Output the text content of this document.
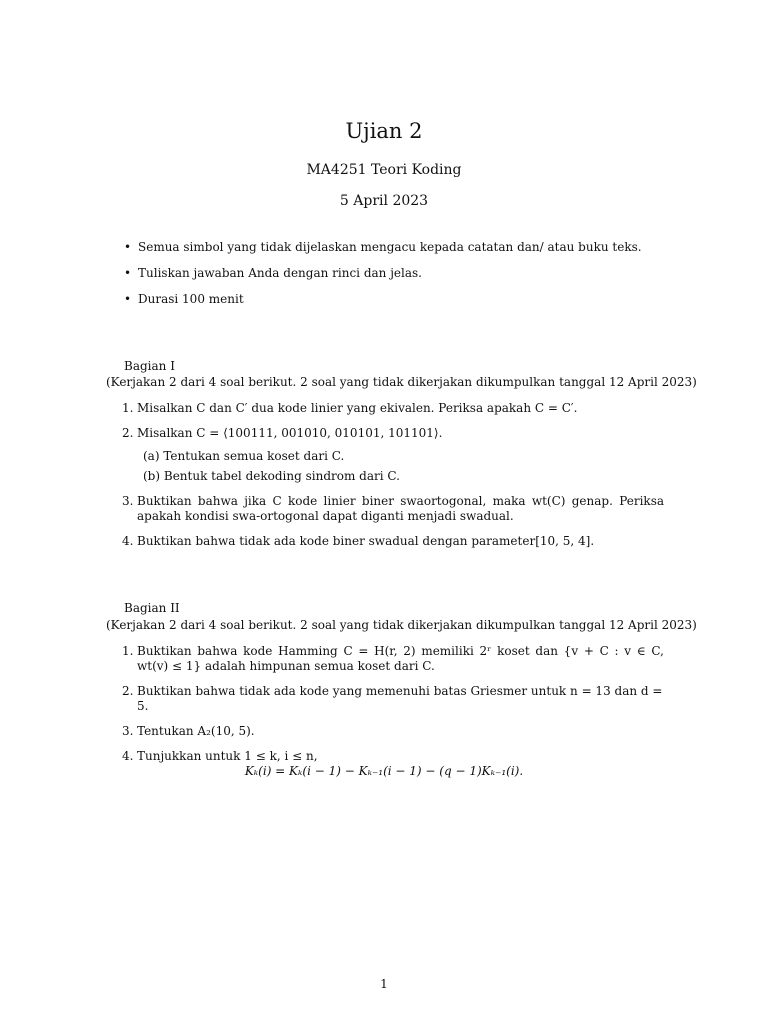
Ujian 2
MA4251 Teori Koding
5 April 2023
• Semua simbol yang tidak dijelaskan mengacu kepada catatan dan/ atau buku teks.
• Tuliskan jawaban Anda dengan rinci dan jelas.
• Durasi 100 menit
Bagian I
(Kerjakan 2 dari 4 soal berikut. 2 soal yang tidak dikerjakan dikumpulkan tanggal 12 April 2023)
1. Misalkan C dan C′ dua kode linier yang ekivalen. Periksa apakah C = C′.
2. Misalkan C = ⟨100111, 001010, 010101, 101101⟩.
(a) Tentukan semua koset dari C.
(b) Bentuk tabel dekoding sindrom dari C.
3. Buktikan bahwa jika C kode linier biner swaortogonal, maka wt(C) genap. Periksa apakah kondisi swa-ortogonal dapat diganti menjadi swadual.
4. Buktikan bahwa tidak ada kode biner swadual dengan parameter[10, 5, 4].
Bagian II
(Kerjakan 2 dari 4 soal berikut. 2 soal yang tidak dikerjakan dikumpulkan tanggal 12 April 2023)
1. Buktikan bahwa kode Hamming C = H(r, 2) memiliki 2ʳ koset dan {v + C : v ∈ C, wt(v) ≤ 1} adalah himpunan semua koset dari C.
2. Buktikan bahwa tidak ada kode yang memenuhi batas Griesmer untuk n = 13 dan d = 5.
3. Tentukan A₂(10, 5).
4. Tunjukkan untuk 1 ≤ k, i ≤ n,
Kₖ(i) = Kₖ(i − 1) − Kₖ₋₁(i − 1) − (q − 1)Kₖ₋₁(i).
1
